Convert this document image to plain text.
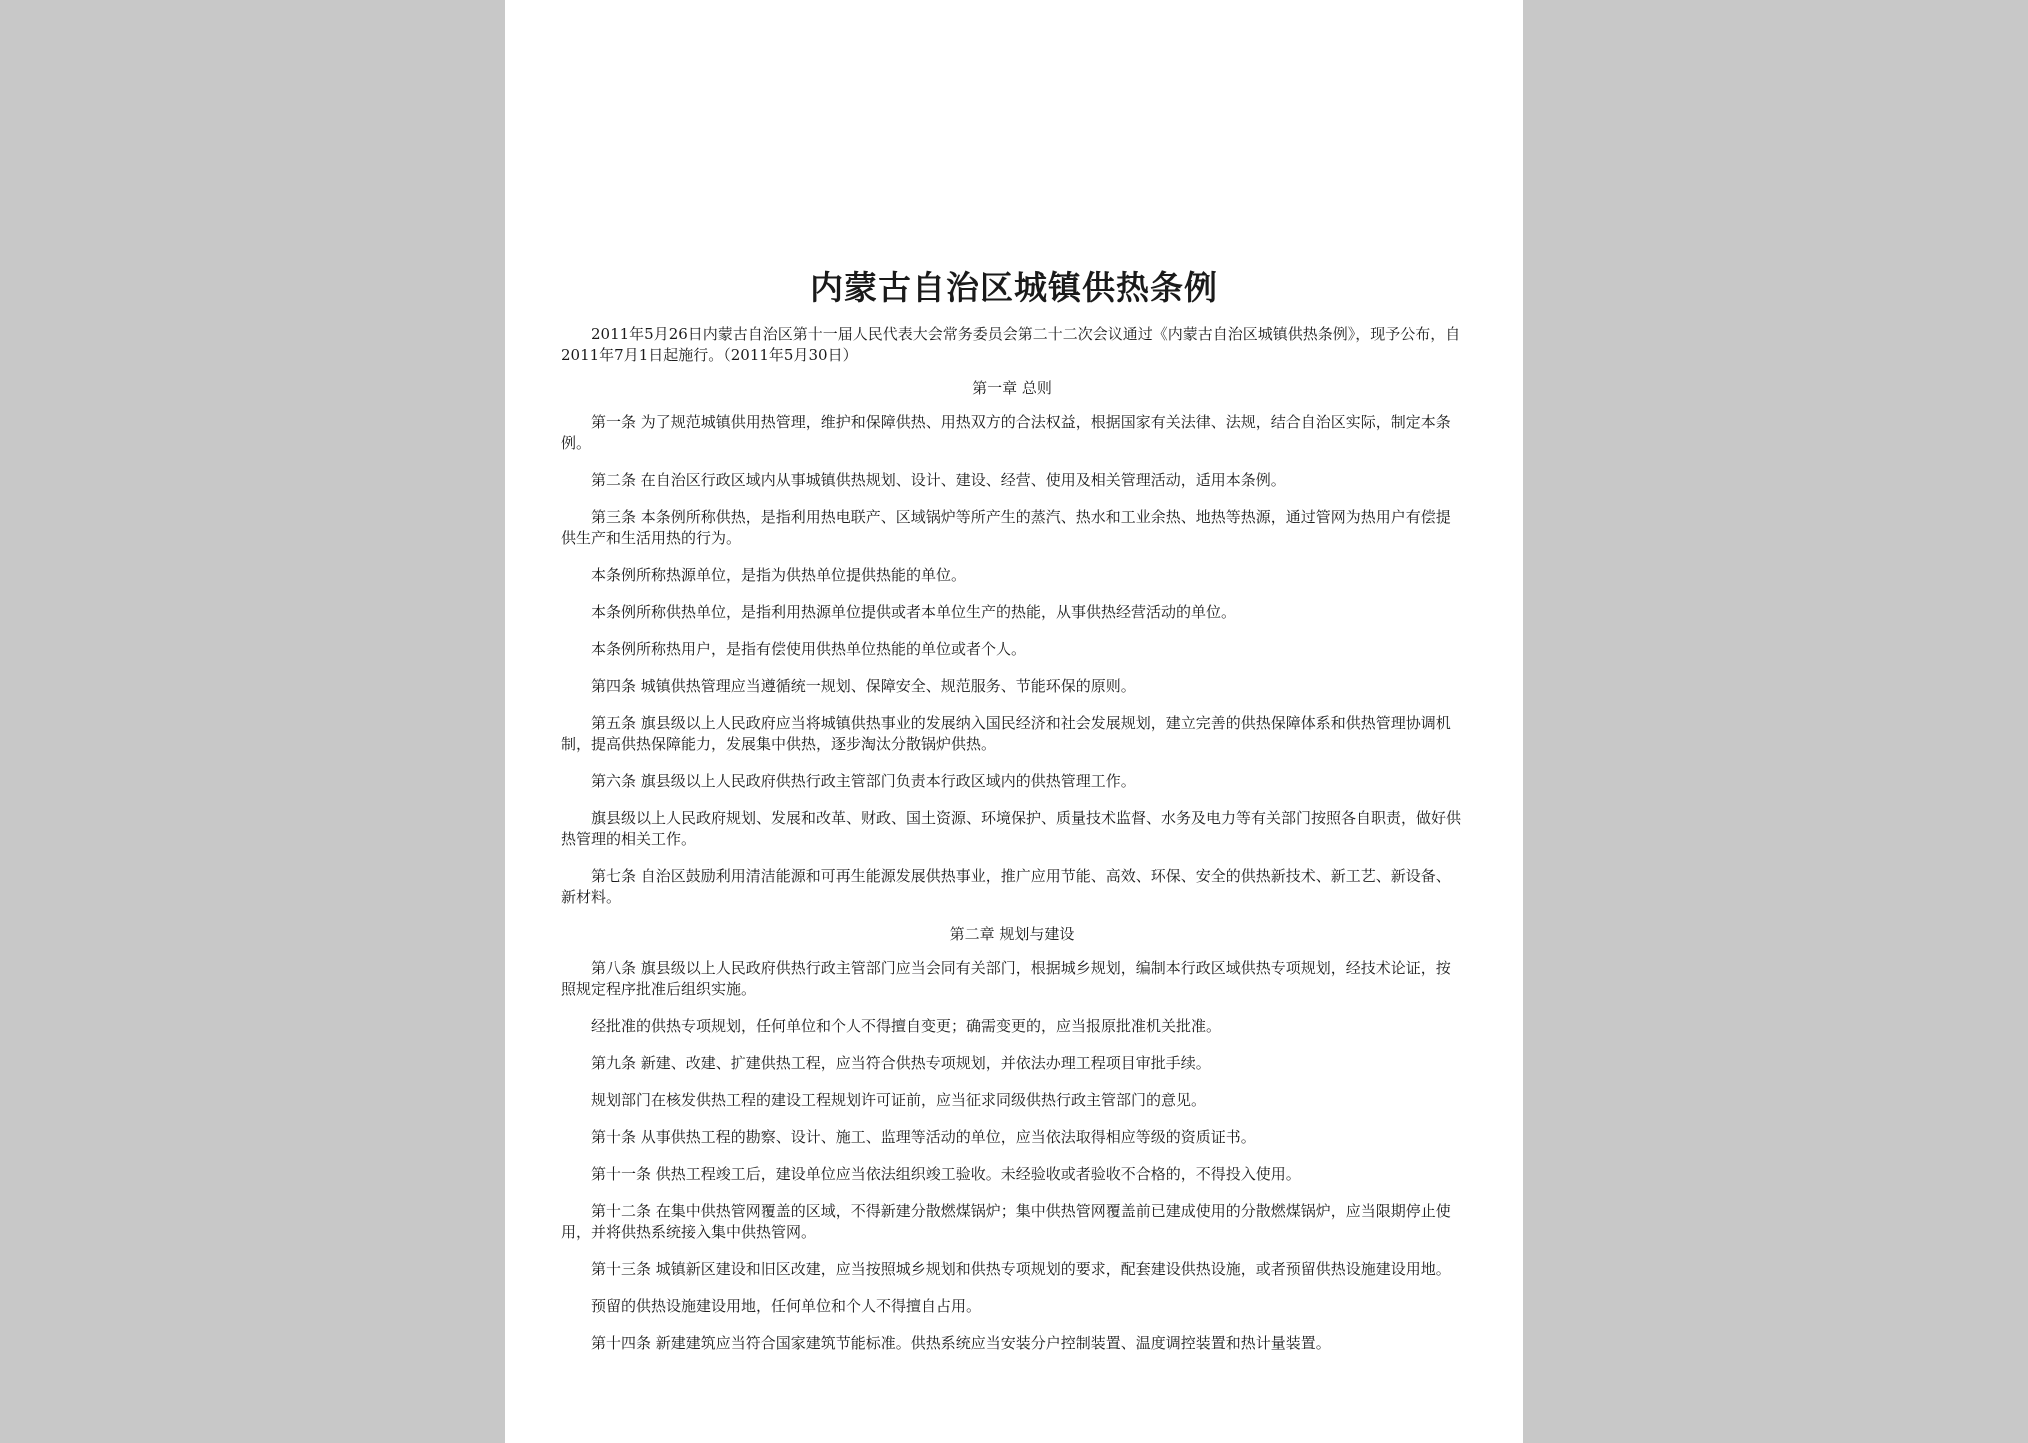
内蒙古自治区城镇供热条例

2011年5月26日内蒙古自治区第十一届人民代表大会常务委员会第二十二次会议通过《内蒙古自治区城镇供热条例》，现予公布，自2011年7月1日起施行。（2011年5月30日）

第一章 总则

第一条 为了规范城镇供用热管理，维护和保障供热、用热双方的合法权益，根据国家有关法律、法规，结合自治区实际，制定本条例。

第二条 在自治区行政区域内从事城镇供热规划、设计、建设、经营、使用及相关管理活动，适用本条例。

第三条 本条例所称供热，是指利用热电联产、区域锅炉等所产生的蒸汽、热水和工业余热、地热等热源，通过管网为热用户有偿提供生产和生活用热的行为。

本条例所称热源单位，是指为供热单位提供热能的单位。

本条例所称供热单位，是指利用热源单位提供或者本单位生产的热能，从事供热经营活动的单位。

本条例所称热用户，是指有偿使用供热单位热能的单位或者个人。

第四条 城镇供热管理应当遵循统一规划、保障安全、规范服务、节能环保的原则。

第五条 旗县级以上人民政府应当将城镇供热事业的发展纳入国民经济和社会发展规划，建立完善的供热保障体系和供热管理协调机制，提高供热保障能力，发展集中供热，逐步淘汰分散锅炉供热。

第六条 旗县级以上人民政府供热行政主管部门负责本行政区域内的供热管理工作。

旗县级以上人民政府规划、发展和改革、财政、国土资源、环境保护、质量技术监督、水务及电力等有关部门按照各自职责，做好供热管理的相关工作。

第七条 自治区鼓励利用清洁能源和可再生能源发展供热事业，推广应用节能、高效、环保、安全的供热新技术、新工艺、新设备、新材料。

第二章 规划与建设

第八条 旗县级以上人民政府供热行政主管部门应当会同有关部门，根据城乡规划，编制本行政区域供热专项规划，经技术论证，按照规定程序批准后组织实施。

经批准的供热专项规划，任何单位和个人不得擅自变更；确需变更的，应当报原批准机关批准。

第九条 新建、改建、扩建供热工程，应当符合供热专项规划，并依法办理工程项目审批手续。

规划部门在核发供热工程的建设工程规划许可证前，应当征求同级供热行政主管部门的意见。

第十条 从事供热工程的勘察、设计、施工、监理等活动的单位，应当依法取得相应等级的资质证书。

第十一条 供热工程竣工后，建设单位应当依法组织竣工验收。未经验收或者验收不合格的，不得投入使用。

第十二条 在集中供热管网覆盖的区域，不得新建分散燃煤锅炉；集中供热管网覆盖前已建成使用的分散燃煤锅炉，应当限期停止使用，并将供热系统接入集中供热管网。

第十三条 城镇新区建设和旧区改建，应当按照城乡规划和供热专项规划的要求，配套建设供热设施，或者预留供热设施建设用地。

预留的供热设施建设用地，任何单位和个人不得擅自占用。

第十四条 新建建筑应当符合国家建筑节能标准。供热系统应当安装分户控制装置、温度调控装置和热计量装置。
